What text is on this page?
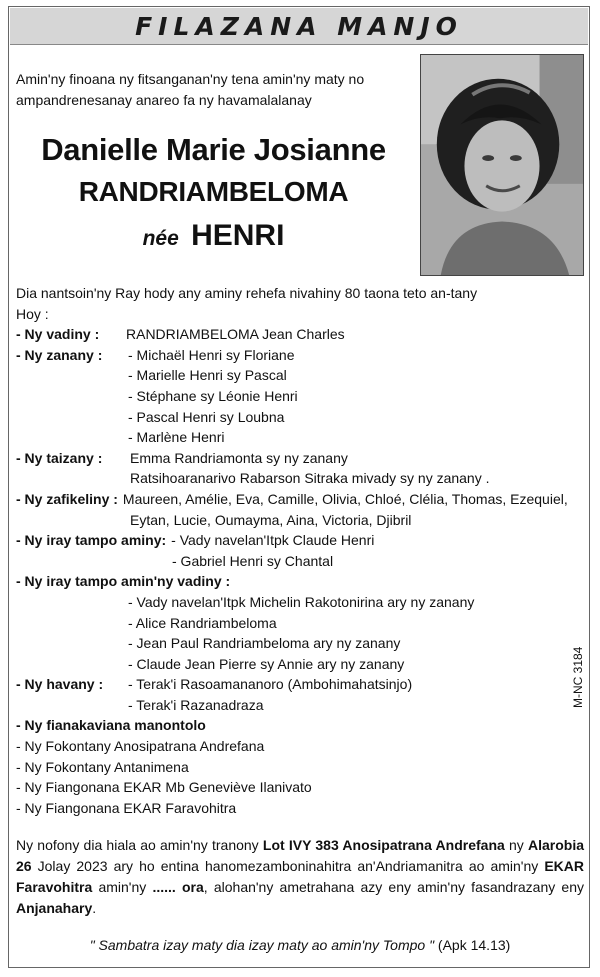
FILAZANA MANJO
Amin'ny finoana ny fitsanganan'ny tena amin'ny maty no ampandrenesanay anareo fa ny havamalalanay
Danielle Marie Josianne
RANDRIAMBELOMA
née HENRI
Dia nantsoin'ny Ray hody any aminy rehefa nivahiny 80 taona teto an-tany
Hoy :
- Ny vadiny :	RANDRIAMBELOMA Jean Charles
- Ny zanany :	- Michaël Henri sy Floriane
- Marielle Henri sy Pascal
- Stéphane sy Léonie Henri
- Pascal Henri sy Loubna
- Marlène Henri
- Ny taizany :	Emma Randriamonta sy ny zanany
Ratsihoaranarivo Rabarson Sitraka mivady sy ny zanany .
- Ny zafikeliny : Maureen, Amélie, Eva, Camille, Olivia, Chloé, Clélia, Thomas, Ezequiel,
Eytan, Lucie, Oumayma, Aina, Victoria, Djibril
- Ny iray tampo aminy: - Vady navelan'Itpk Claude Henri
- Gabriel Henri sy Chantal
- Ny iray tampo amin'ny vadiny :
- Vady navelan'Itpk Michelin Rakotonirina ary ny zanany
- Alice Randriambeloma
- Jean Paul Randriambeloma ary ny zanany
- Claude Jean Pierre sy Annie ary ny zanany
- Ny havany :	- Terak'i Rasoamananoro (Ambohimahatsinjo)
- Terak'i Razanadraza
- Ny fianakaviana manontolo
- Ny Fokontany Anosipatrana Andrefana
- Ny Fokontany Antanimena
- Ny Fiangonana EKAR Mb Geneviève Ilanivato
- Ny Fiangonana EKAR Faravohitra
M-NC 3184
Ny nofony dia hiala ao amin'ny tranony Lot IVY 383 Anosipatrana Andrefana ny Alarobia 26 Jolay 2023 ary ho entina hanomezamboninahitra an'Andriamanitra ao amin'ny EKAR Faravohitra amin'ny ...... ora, alohan'ny ametrahana azy eny amin'ny fasandrazany eny Anjanahary.
" Sambatra izay maty dia izay maty ao amin'ny Tompo " (Apk 14.13)
